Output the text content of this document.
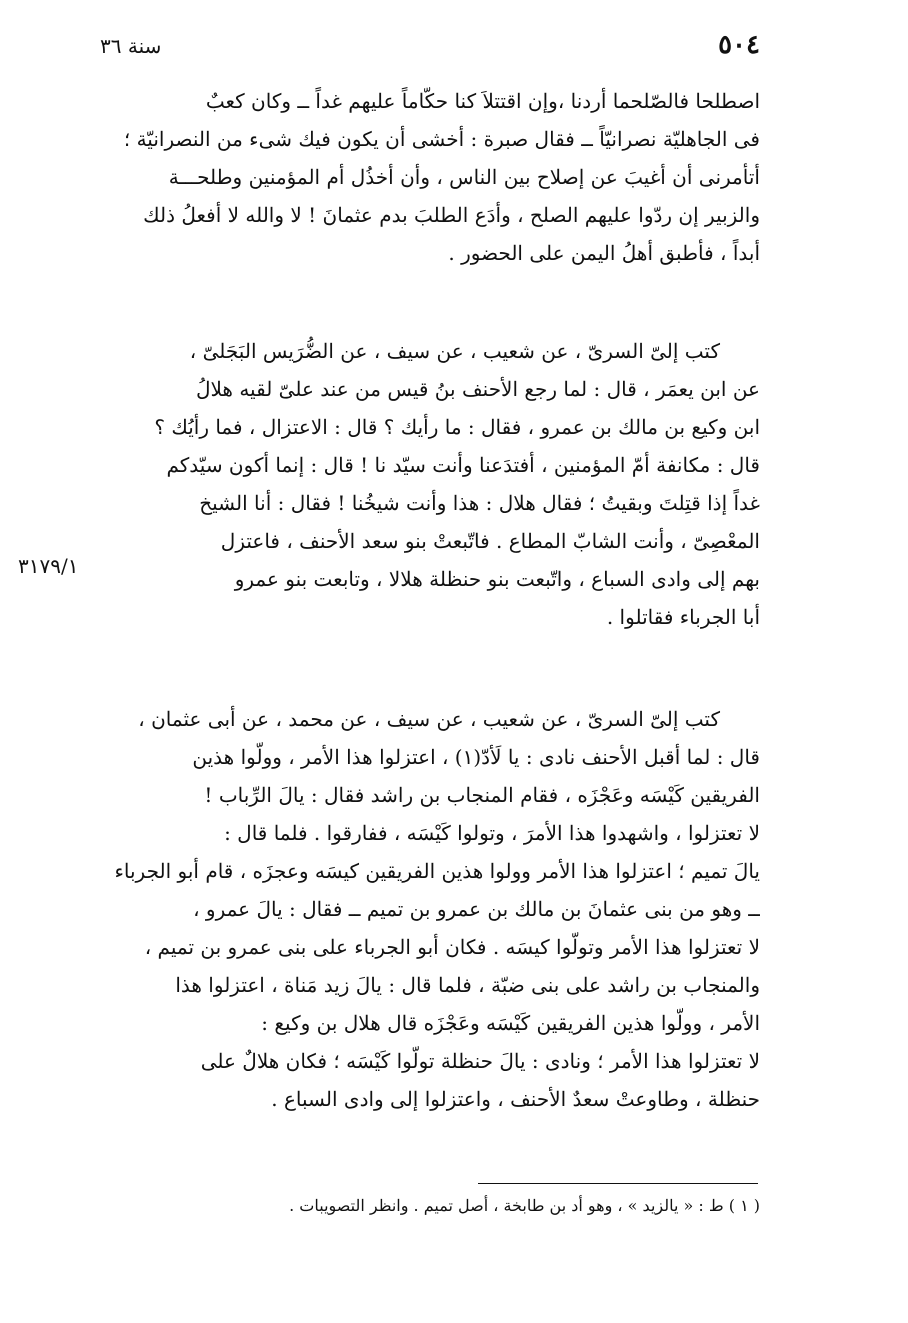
٥٠٤
سنة ٣٦
اصطلحا فالصّلحما أردنا ،وإن اقتتلاَ كنا حكّاماً عليهم غداً ــ وكان كعبٌ
فى الجاهليّة نصرانيّاً ــ فقال صبرة : أخشى أن يكون فيك شىء من النصرانيّة ؛
أتأمرنى أن أغيبَ عن إصلاح بين الناس ، وأن أخذُل أم المؤمنين وطلحـــة
والزبير إن ردّوا عليهم الصلح ، وأدَع الطلبَ بدم عثمانَ ! لا والله لا أفعلُ ذلك
أبداً ، فأطبق أهلُ اليمن على الحضور .
كتب إلىّ السرىّ ، عن شعيب ، عن سيف ، عن الضُّرَيس البَجَلىّ ،
عن ابن يعمَر ، قال : لما رجع الأحنف بنُ قيس من عند علىّ لقيه هلالُ
ابن وكيع بن مالك بن عمرو ، فقال : ما رأيك ؟ قال : الاعتزال ، فما رأيُك ؟
قال : مكانفة أمّ المؤمنين ، أفتدَعنا وأنت سيّد نا ! قال : إنما أكون سيّدكم
غداً إذا قتِلتَ وبقيتُ ؛ فقال هلال : هذا وأنت شيخُنا ! فقال : أنا الشيخ
المعْصِىّ ، وأنت الشابّ المطاع . فاتّبعتْ بنو سعد الأحنف ، فاعتزل
بهم إلى وادى السباع ، واتّبعت بنو حنظلة هلالا ، وتابعت بنو عمرو
أبا الجرباء فقاتلوا .
٣١٧٩/١
كتب إلىّ السرىّ ، عن شعيب ، عن سيف ، عن محمد ، عن أبى عثمان ،
قال : لما أقبل الأحنف نادى : يا لَأدّ(١) ، اعتزلوا هذا الأمر ، وولّوا هذين
الفريقين كَيْسَه وعَجْزَه ، فقام المنجاب بن راشد فقال : يالَ الرِّباب !
لا تعتزلوا ، واشهدوا هذا الأمرَ ، وتولوا كَيْسَه ، ففارقوا . فلما قال :
يالَ تميم ؛ اعتزلوا هذا الأمر وولوا هذين الفريقين كيسَه وعجزَه ، قام أبو الجرباء
ــ وهو من بنى عثمانَ بن مالك بن عمرو بن تميم ــ فقال : يالَ عمرو ،
لا تعتزلوا هذا الأمر وتولّوا كيسَه . فكان أبو الجرباء على بنى عمرو بن تميم ،
والمنجاب بن راشد على بنى ضبّة ، فلما قال : يالَ زيد مَناة ، اعتزلوا هذا
الأمر ، وولّوا هذين الفريقين كَيْسَه وعَجْزَه قال هلال بن وكيع :
لا تعتزلوا هذا الأمر ؛ ونادى : يالَ حنظلة تولّوا كَيْسَه ؛ فكان هلالٌ على
حنظلة ، وطاوعتْ سعدٌ الأحنف ، واعتزلوا إلى وادى السباع .
( ١ ) ط : « يالزيد » ، وهو أد بن طابخة ، أصل تميم . وانظر التصويبات .
